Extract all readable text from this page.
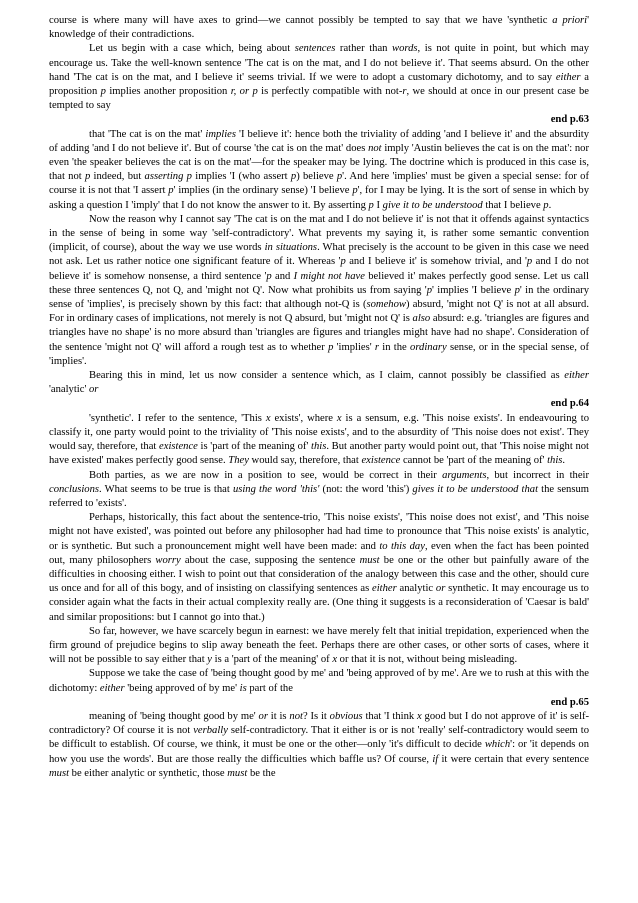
course is where many will have axes to grind—we cannot possibly be tempted to say that we have 'synthetic a priori' knowledge of their contradictions.

Let us begin with a case which, being about sentences rather than words, is not quite in point, but which may encourage us. Take the well-known sentence 'The cat is on the mat, and I do not believe it'. That seems absurd. On the other hand 'The cat is on the mat, and I believe it' seems trivial. If we were to adopt a customary dichotomy, and to say either a proposition p implies another proposition r, or p is perfectly compatible with not-r, we should at once in our present case be tempted to say

end p.63

that 'The cat is on the mat' implies 'I believe it': hence both the triviality of adding 'and I believe it' and the absurdity of adding 'and I do not believe it'. But of course 'the cat is on the mat' does not imply 'Austin believes the cat is on the mat': nor even 'the speaker believes the cat is on the mat'—for the speaker may be lying. The doctrine which is produced in this case is, that not p indeed, but asserting p implies 'I (who assert p) believe p'. And here 'implies' must be given a special sense: for of course it is not that 'I assert p' implies (in the ordinary sense) 'I believe p', for I may be lying. It is the sort of sense in which by asking a question I 'imply' that I do not know the answer to it. By asserting p I give it to be understood that I believe p.

Now the reason why I cannot say 'The cat is on the mat and I do not believe it' is not that it offends against syntactics in the sense of being in some way 'self-contradictory'. What prevents my saying it, is rather some semantic convention (implicit, of course), about the way we use words in situations. What precisely is the account to be given in this case we need not ask. Let us rather notice one significant feature of it. Whereas 'p and I believe it' is somehow trivial, and 'p and I do not believe it' is somehow nonsense, a third sentence 'p and I might not have believed it' makes perfectly good sense. Let us call these three sentences Q, not Q, and 'might not Q'. Now what prohibits us from saying 'p' implies 'I believe p' in the ordinary sense of 'implies', is precisely shown by this fact: that although not-Q is (somehow) absurd, 'might not Q' is not at all absurd. For in ordinary cases of implications, not merely is not Q absurd, but 'might not Q' is also absurd: e.g. 'triangles are figures and triangles have no shape' is no more absurd than 'triangles are figures and triangles might have had no shape'. Consideration of the sentence 'might not Q' will afford a rough test as to whether p 'implies' r in the ordinary sense, or in the special sense, of 'implies'.

Bearing this in mind, let us now consider a sentence which, as I claim, cannot possibly be classified as either 'analytic' or

end p.64

'synthetic'. I refer to the sentence, 'This x exists', where x is a sensum, e.g. 'This noise exists'. In endeavouring to classify it, one party would point to the triviality of 'This noise exists', and to the absurdity of 'This noise does not exist'. They would say, therefore, that existence is 'part of the meaning of' this. But another party would point out, that 'This noise might not have existed' makes perfectly good sense. They would say, therefore, that existence cannot be 'part of the meaning of' this.

Both parties, as we are now in a position to see, would be correct in their arguments, but incorrect in their conclusions. What seems to be true is that using the word 'this' (not: the word 'this') gives it to be understood that the sensum referred to 'exists'.

Perhaps, historically, this fact about the sentence-trio, 'This noise exists', 'This noise does not exist', and 'This noise might not have existed', was pointed out before any philosopher had had time to pronounce that 'This noise exists' is analytic, or is synthetic. But such a pronouncement might well have been made: and to this day, even when the fact has been pointed out, many philosophers worry about the case, supposing the sentence must be one or the other but painfully aware of the difficulties in choosing either. I wish to point out that consideration of the analogy between this case and the other, should cure us once and for all of this bogy, and of insisting on classifying sentences as either analytic or synthetic. It may encourage us to consider again what the facts in their actual complexity really are. (One thing it suggests is a reconsideration of 'Caesar is bald' and similar propositions: but I cannot go into that.)

So far, however, we have scarcely begun in earnest: we have merely felt that initial trepidation, experienced when the firm ground of prejudice begins to slip away beneath the feet. Perhaps there are other cases, or other sorts of cases, where it will not be possible to say either that y is a 'part of the meaning' of x or that it is not, without being misleading.

Suppose we take the case of 'being thought good by me' and 'being approved of by me'. Are we to rush at this with the dichotomy: either 'being approved of by me' is part of the

end p.65

meaning of 'being thought good by me' or it is not? Is it obvious that 'I think x good but I do not approve of it' is self-contradictory? Of course it is not verbally self-contradictory. That it either is or is not 'really' self-contradictory would seem to be difficult to establish. Of course, we think, it must be one or the other—only 'it's difficult to decide which': or 'it depends on how you use the words'. But are those really the difficulties which baffle us? Of course, if it were certain that every sentence must be either analytic or synthetic, those must be the
